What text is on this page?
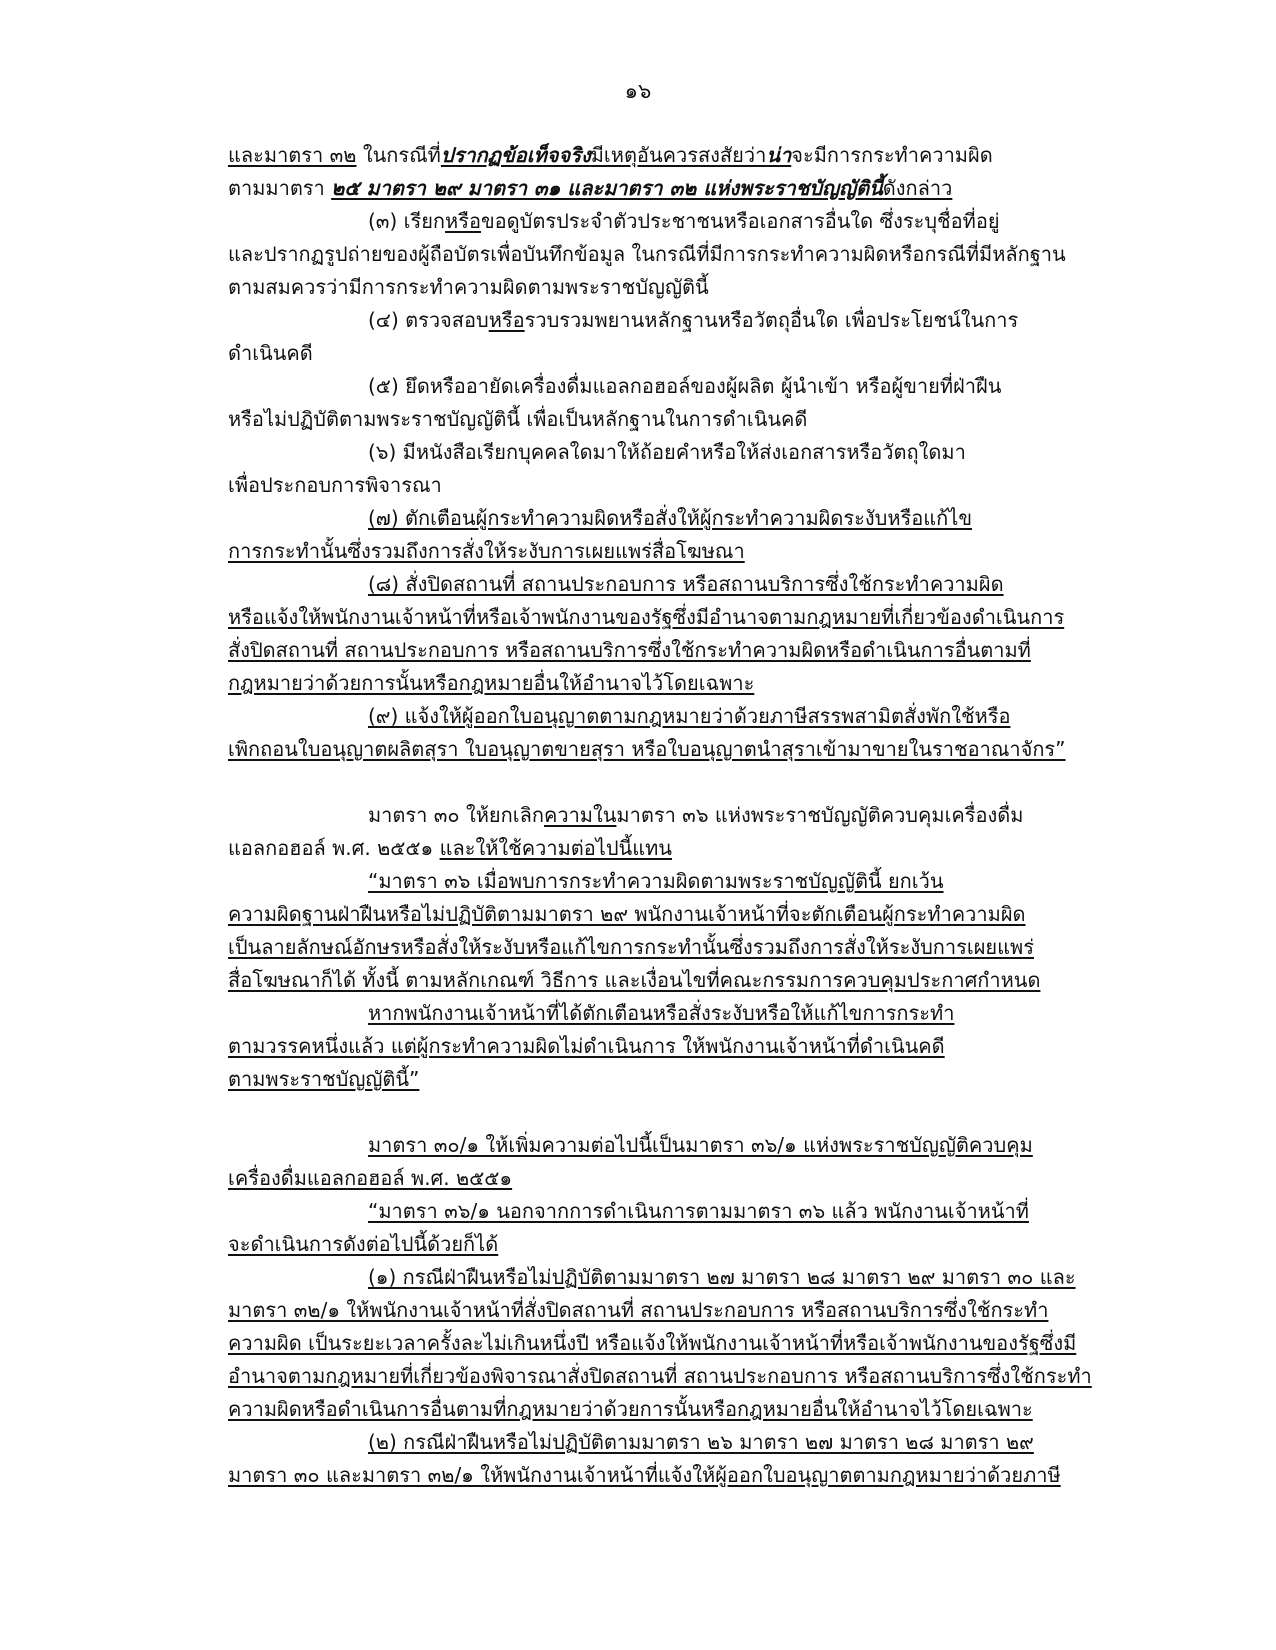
๑๖

และมาตรา ๓๒ ในกรณีที่ปรากฏข้อเท็จจริงมีเหตุอันควรสงสัยว่าน่าจะมีการกระทำความผิด

ตามมาตรา ๒๕ มาตรา ๒๙ มาตรา ๓๑ และมาตรา ๓๒ แห่งพระราชบัญญัตินี้ดังกล่าว

(๓) เรียกหรือขอดูบัตรประจำตัวประชาชนหรือเอกสารอื่นใด ซึ่งระบุชื่อที่อยู่

และปรากฏรูปถ่ายของผู้ถือบัตรเพื่อบันทึกข้อมูล ในกรณีที่มีการกระทำความผิดหรือกรณีที่มีหลักฐาน

ตามสมควรว่ามีการกระทำความผิดตามพระราชบัญญัตินี้

(๔) ตรวจสอบหรือรวบรวมพยานหลักฐานหรือวัตถุอื่นใด เพื่อประโยชน์ในการ

ดำเนินคดี

(๕) ยึดหรืออายัดเครื่องดื่มแอลกอฮอล์ของผู้ผลิต ผู้นำเข้า หรือผู้ขายที่ฝ่าฝืน

หรือไม่ปฏิบัติตามพระราชบัญญัตินี้ เพื่อเป็นหลักฐานในการดำเนินคดี

(๖) มีหนังสือเรียกบุคคลใดมาให้ถ้อยคำหรือให้ส่งเอกสารหรือวัตถุใดมา

เพื่อประกอบการพิจารณา

(๗) ตักเตือนผู้กระทำความผิดหรือสั่งให้ผู้กระทำความผิดระงับหรือแก้ไข

การกระทำนั้นซึ่งรวมถึงการสั่งให้ระงับการเผยแพร่สื่อโฆษณา

(๘) สั่งปิดสถานที่ สถานประกอบการ หรือสถานบริการซึ่งใช้กระทำความผิด

หรือแจ้งให้พนักงานเจ้าหน้าที่หรือเจ้าพนักงานของรัฐซึ่งมีอำนาจตามกฎหมายที่เกี่ยวข้องดำเนินการ

สั่งปิดสถานที่ สถานประกอบการ หรือสถานบริการซึ่งใช้กระทำความผิดหรือดำเนินการอื่นตามที่

กฎหมายว่าด้วยการนั้นหรือกฎหมายอื่นให้อำนาจไว้โดยเฉพาะ

(๙) แจ้งให้ผู้ออกใบอนุญาตตามกฎหมายว่าด้วยภาษีสรรพสามิตสั่งพักใช้หรือ

เพิกถอนใบอนุญาตผลิตสุรา ใบอนุญาตขายสุรา หรือใบอนุญาตนำสุราเข้ามาขายในราชอาณาจักร”

มาตรา ๓๐ ให้ยกเลิกความในมาตรา ๓๖ แห่งพระราชบัญญัติควบคุมเครื่องดื่ม

แอลกอฮอล์ พ.ศ. ๒๕๕๑ และให้ใช้ความต่อไปนี้แทน

“มาตรา ๓๖ เมื่อพบการกระทำความผิดตามพระราชบัญญัตินี้ ยกเว้น

ความผิดฐานฝ่าฝืนหรือไม่ปฏิบัติตามมาตรา ๒๙ พนักงานเจ้าหน้าที่จะตักเตือนผู้กระทำความผิด

เป็นลายลักษณ์อักษรหรือสั่งให้ระงับหรือแก้ไขการกระทำนั้นซึ่งรวมถึงการสั่งให้ระงับการเผยแพร่

สื่อโฆษณาก็ได้ ทั้งนี้ ตามหลักเกณฑ์ วิธีการ และเงื่อนไขที่คณะกรรมการควบคุมประกาศกำหนด

หากพนักงานเจ้าหน้าที่ได้ตักเตือนหรือสั่งระงับหรือให้แก้ไขการกระทำ

ตามวรรคหนึ่งแล้ว แต่ผู้กระทำความผิดไม่ดำเนินการ ให้พนักงานเจ้าหน้าที่ดำเนินคดี

ตามพระราชบัญญัตินี้”

มาตรา ๓๐/๑ ให้เพิ่มความต่อไปนี้เป็นมาตรา ๓๖/๑ แห่งพระราชบัญญัติควบคุม

เครื่องดื่มแอลกอฮอล์ พ.ศ. ๒๕๕๑

“มาตรา ๓๖/๑ นอกจากการดำเนินการตามมาตรา ๓๖ แล้ว พนักงานเจ้าหน้าที่

จะดำเนินการดังต่อไปนี้ด้วยก็ได้

(๑) กรณีฝ่าฝืนหรือไม่ปฏิบัติตามมาตรา ๒๗ มาตรา ๒๘ มาตรา ๒๙ มาตรา ๓๐ และ

มาตรา ๓๒/๑ ให้พนักงานเจ้าหน้าที่สั่งปิดสถานที่ สถานประกอบการ หรือสถานบริการซึ่งใช้กระทำ

ความผิด เป็นระยะเวลาครั้งละไม่เกินหนึ่งปี หรือแจ้งให้พนักงานเจ้าหน้าที่หรือเจ้าพนักงานของรัฐซึ่งมี

อำนาจตามกฎหมายที่เกี่ยวข้องพิจารณาสั่งปิดสถานที่ สถานประกอบการ หรือสถานบริการซึ่งใช้กระทำ

ความผิดหรือดำเนินการอื่นตามที่กฎหมายว่าด้วยการนั้นหรือกฎหมายอื่นให้อำนาจไว้โดยเฉพาะ

(๒) กรณีฝ่าฝืนหรือไม่ปฏิบัติตามมาตรา ๒๖ มาตรา ๒๗ มาตรา ๒๘ มาตรา ๒๙

มาตรา ๓๐ และมาตรา ๓๒/๑ ให้พนักงานเจ้าหน้าที่แจ้งให้ผู้ออกใบอนุญาตตามกฎหมายว่าด้วยภาษี
